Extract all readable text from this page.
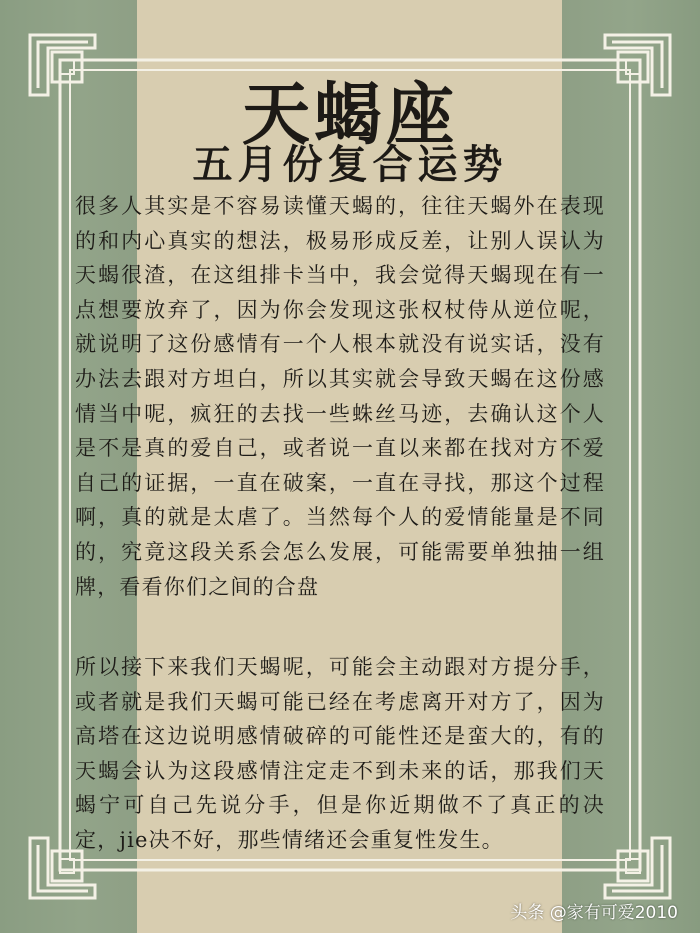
天蝎座
五月份复合运势
很多人其实是不容易读懂天蝎的，往往天蝎外在表现的和内心真实的想法，极易形成反差，让别人误认为天蝎很渣，在这组排卡当中，我会觉得天蝎现在有一点想要放弃了，因为你会发现这张权杖侍从逆位呢，就说明了这份感情有一个人根本就没有说实话，没有办法去跟对方坦白，所以其实就会导致天蝎在这份感情当中呢，疯狂的去找一些蛛丝马迹，去确认这个人是不是真的爱自己，或者说一直以来都在找对方不爱自己的证据，一直在破案，一直在寻找，那这个过程啊，真的就是太虐了。当然每个人的爱情能量是不同的，究竟这段关系会怎么发展，可能需要单独抽一组牌，看看你们之间的合盘
所以接下来我们天蝎呢，可能会主动跟对方提分手，或者就是我们天蝎可能已经在考虑离开对方了，因为高塔在这边说明感情破碎的可能性还是蛮大的，有的天蝎会认为这段感情注定走不到未来的话，那我们天蝎宁可自己先说分手，但是你近期做不了真正的决定，jie决不好，那些情绪还会重复性发生。
头条 @家有可爱2010
